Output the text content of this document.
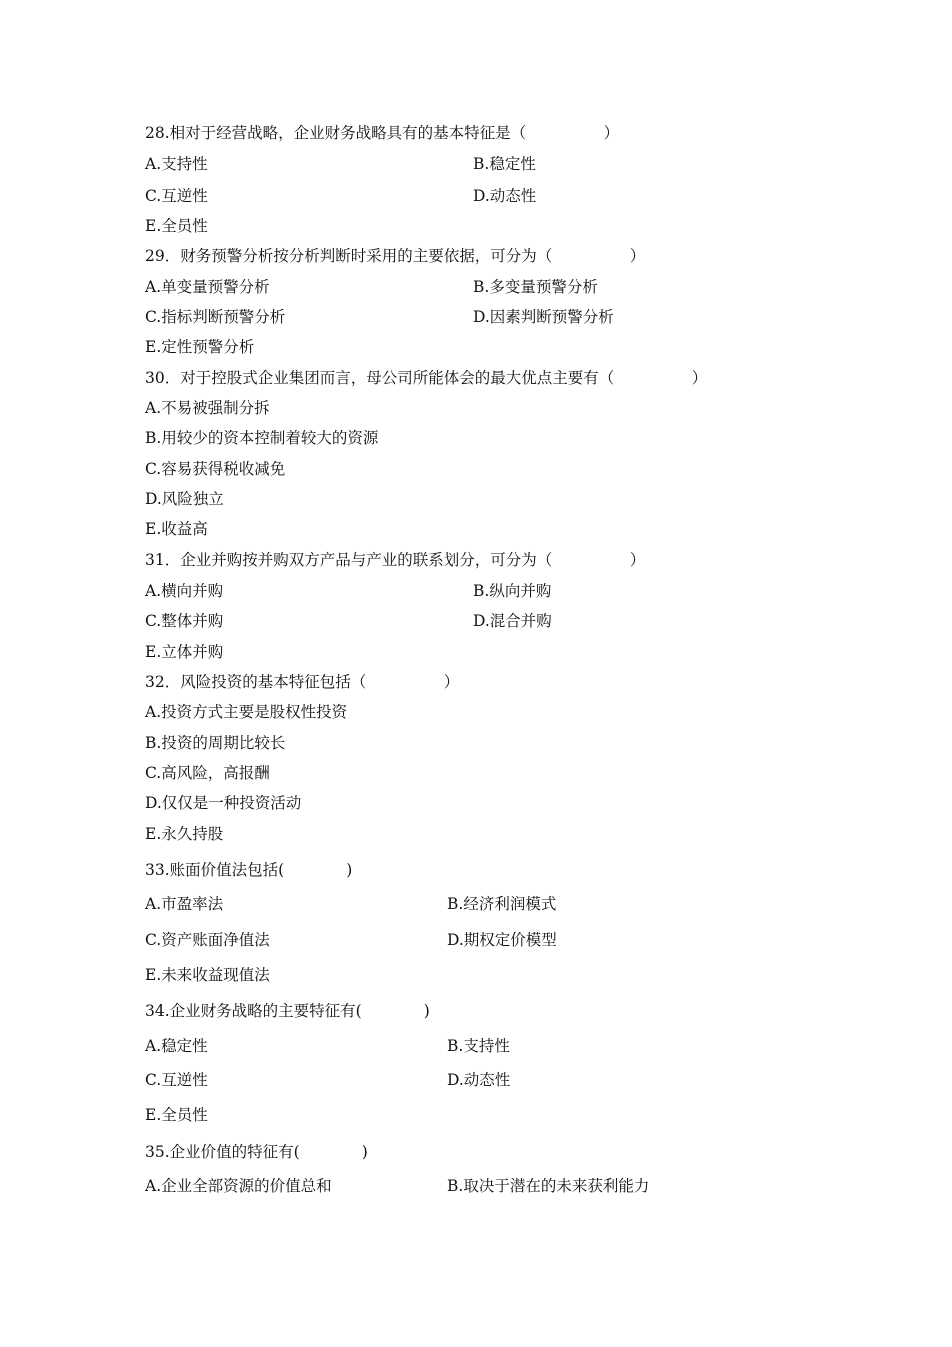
28.相对于经营战略，企业财务战略具有的基本特征是（　　　　　）
A.支持性	B.稳定性
C.互逆性	D.动态性
E.全员性
29．财务预警分析按分析判断时采用的主要依据，可分为（　　　　　）
A.单变量预警分析	B.多变量预警分析
C.指标判断预警分析	D.因素判断预警分析
E.定性预警分析
30．对于控股式企业集团而言，母公司所能体会的最大优点主要有（　　　　　）
A.不易被强制分拆
B.用较少的资本控制着较大的资源
C.容易获得税收减免
D.风险独立
E.收益高
31．企业并购按并购双方产品与产业的联系划分，可分为（　　　　　）
A.横向并购	B.纵向并购
C.整体并购	D.混合并购
E.立体并购
32．风险投资的基本特征包括（　　　　　）
A.投资方式主要是股权性投资
B.投资的周期比较长
C.高风险，高报酬
D.仅仅是一种投资活动
E.永久持股
33.账面价值法包括(　　　　)
A.市盈率法	B.经济利润模式
C.资产账面净值法	D.期权定价模型
E.未来收益现值法
34.企业财务战略的主要特征有(　　　　)
A.稳定性	B.支持性
C.互逆性	D.动态性
E.全员性
35.企业价值的特征有(　　　　)
A.企业全部资源的价值总和	B.取决于潜在的未来获利能力
